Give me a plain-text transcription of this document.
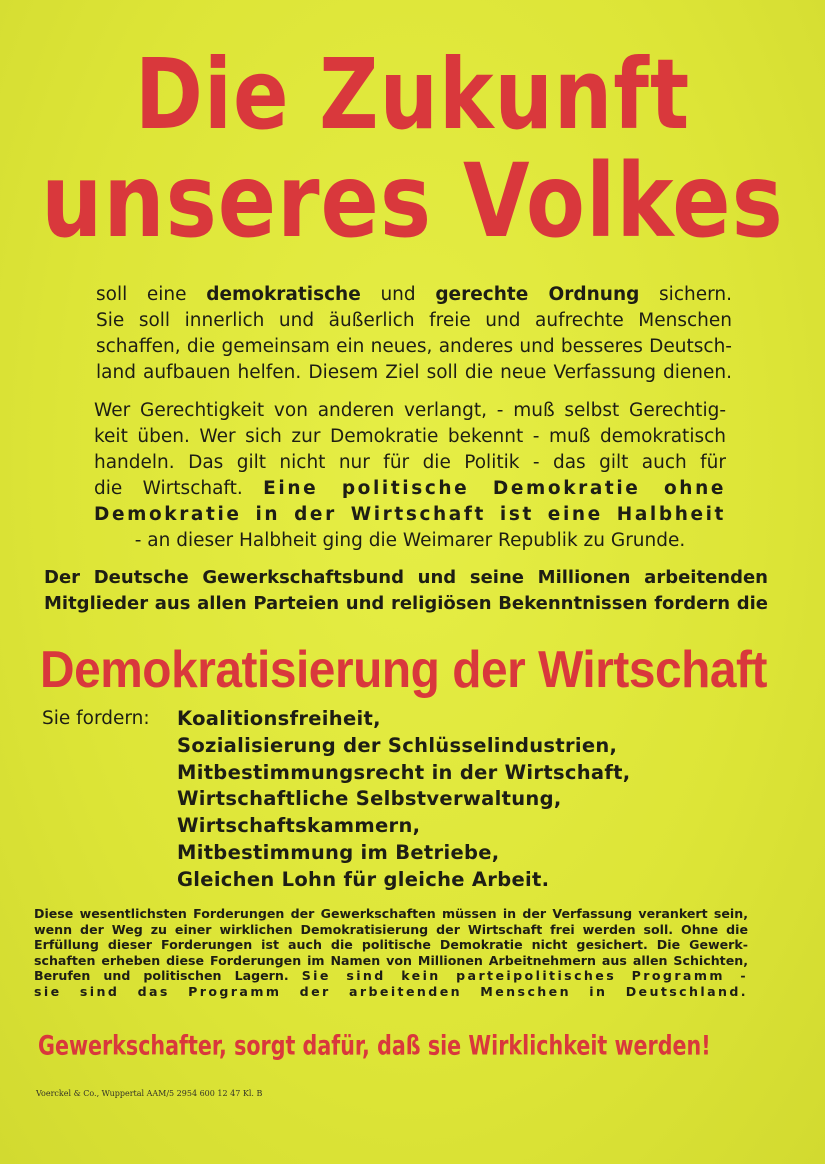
Die Zukunft
unseres Volkes

soll eine demokratische und gerechte Ordnung sichern.
Sie soll innerlich und äußerlich freie und aufrechte Menschen
schaffen, die gemeinsam ein neues, anderes und besseres Deutsch-
land aufbauen helfen. Diesem Ziel soll die neue Verfassung dienen.

Wer Gerechtigkeit von anderen verlangt, - muß selbst Gerechtig-
keit üben. Wer sich zur Demokratie bekennt - muß demokratisch
handeln. Das gilt nicht nur für die Politik - das gilt auch für
die Wirtschaft. Eine politische Demokratie ohne
Demokratie in der Wirtschaft ist eine Halbheit
- an dieser Halbheit ging die Weimarer Republik zu Grunde.

Der Deutsche Gewerkschaftsbund und seine Millionen arbeitenden
Mitglieder aus allen Parteien und religiösen Bekenntnissen fordern die

Demokratisierung der Wirtschaft

Sie fordern: Koalitionsfreiheit,
Sozialisierung der Schlüsselindustrien,
Mitbestimmungsrecht in der Wirtschaft,
Wirtschaftliche Selbstverwaltung,
Wirtschaftskammern,
Mitbestimmung im Betriebe,
Gleichen Lohn für gleiche Arbeit.

Diese wesentlichsten Forderungen der Gewerkschaften müssen in der Verfassung verankert sein,
wenn der Weg zu einer wirklichen Demokratisierung der Wirtschaft frei werden soll. Ohne die
Erfüllung dieser Forderungen ist auch die politische Demokratie nicht gesichert. Die Gewerk-
schaften erheben diese Forderungen im Namen von Millionen Arbeitnehmern aus allen Schichten,
Berufen und politischen Lagern. Sie sind kein parteipolitisches Programm -
sie sind das Programm der arbeitenden Menschen in Deutschland.

Gewerkschafter, sorgt dafür, daß sie Wirklichkeit werden!

Voerckel & Co., Wuppertal AAM/5 2954 600 12 47 Kl. B
